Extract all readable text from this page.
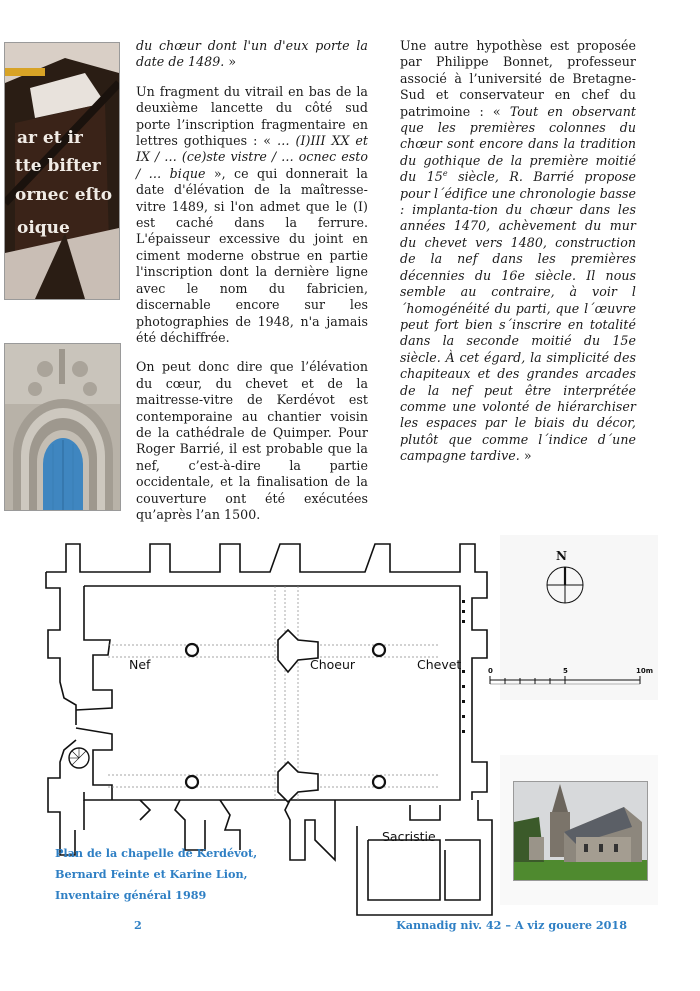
ar et ir
tte bifter
ornec eſto
oique

du chœur dont l'un d'eux porte la date de 1489. »

Un fragment du vitrail en bas de la deuxième lancette du côté sud porte l’inscription fragmentaire en lettres gothiques : « … (I)III XX et IX / … (ce)ste vistre / … ocnec esto / … bique », ce qui donnerait la date d'élévation de la maîtresse-vitre 1489, si l'on admet que le (I) est caché dans la ferrure. L'épaisseur excessive du joint en ciment moderne obstrue en partie l'inscription dont la dernière ligne avec le nom du fabricien, discernable encore sur les photographies de 1948, n'a jamais été déchiffrée.

On peut donc dire que l’élévation du cœur, du chevet et de la maitresse-vitre de Kerdévot est contemporaine au chantier voisin de la cathédrale de Quimper. Pour Roger Barrié, il est probable que la nef, c’est-à-dire la partie occidentale, et la finalisation de la couverture ont été exécutées qu’après l’an 1500.

Une autre hypothèse est proposée par Philippe Bonnet, professeur associé à l’université de Bretagne-Sud et conservateur en chef du patrimoine : « Tout en observant que les premières colonnes du chœur sont encore dans la tradition du gothique de la première moitié du 15e siècle, R. Barrié propose pour l´édifice une chronologie basse : implanta-tion du chœur dans les années 1470, achèvement du mur du chevet vers 1480, construction de la nef dans les premières décennies du 16e siècle. Il nous semble au contraire, à voir l´homogénéité du parti, que l´œuvre peut fort bien s´inscrire en totalité dans la seconde moitié du 15e siècle. À cet égard, la simplicité des chapiteaux et des grandes arcades de la nef peut être interprétée comme une volonté de hiérarchiser les espaces par le biais du décor, plutôt que comme l´indice d´une campagne tardive. »

Nef	Choeur	Chevet
Sacristie
N
0	5	10m
Plan de la chapelle de Kerdévot,
Bernard Feinte et Karine Lion,
Inventaire général 1989
2	Kannadig niv. 42 – A viz gouere 2018
